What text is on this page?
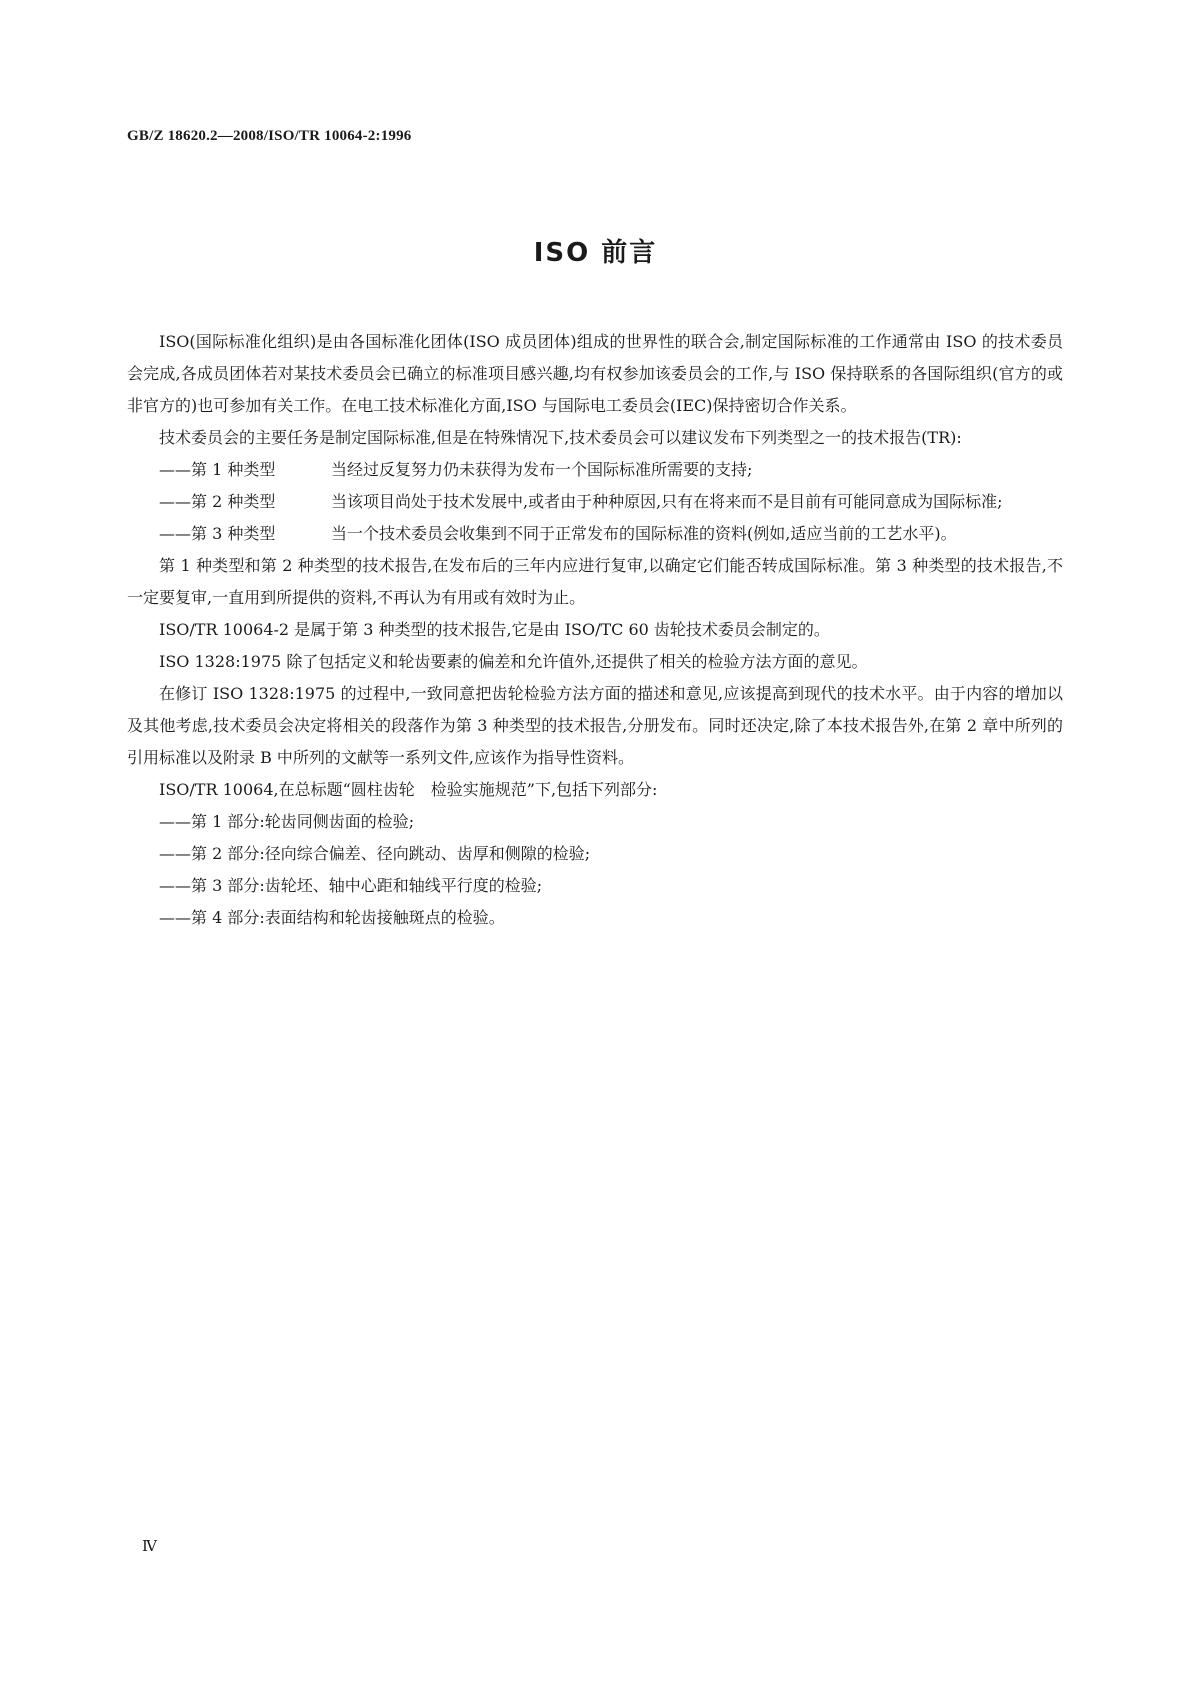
GB/Z 18620.2—2008/ISO/TR 10064-2:1996
ISO 前言

ISO(国际标准化组织)是由各国标准化团体(ISO 成员团体)组成的世界性的联合会,制定国际标准的工作通常由 ISO 的技术委员会完成,各成员团体若对某技术委员会已确立的标准项目感兴趣,均有权参加该委员会的工作,与 ISO 保持联系的各国际组织(官方的或非官方的)也可参加有关工作。在电工技术标准化方面,ISO 与国际电工委员会(IEC)保持密切合作关系。

技术委员会的主要任务是制定国际标准,但是在特殊情况下,技术委员会可以建议发布下列类型之一的技术报告(TR):

——第 1 种类型	当经过反复努力仍未获得为发布一个国际标准所需要的支持;
——第 2 种类型	当该项目尚处于技术发展中,或者由于种种原因,只有在将来而不是目前有可能同意成为国际标准;
——第 3 种类型	当一个技术委员会收集到不同于正常发布的国际标准的资料(例如,适应当前的工艺水平)。

第 1 种类型和第 2 种类型的技术报告,在发布后的三年内应进行复审,以确定它们能否转成国际标准。第 3 种类型的技术报告,不一定要复审,一直用到所提供的资料,不再认为有用或有效时为止。

ISO/TR 10064-2 是属于第 3 种类型的技术报告,它是由 ISO/TC 60 齿轮技术委员会制定的。

ISO 1328:1975 除了包括定义和轮齿要素的偏差和允许值外,还提供了相关的检验方法方面的意见。

在修订 ISO 1328:1975 的过程中,一致同意把齿轮检验方法方面的描述和意见,应该提高到现代的技术水平。由于内容的增加以及其他考虑,技术委员会决定将相关的段落作为第 3 种类型的技术报告,分册发布。同时还决定,除了本技术报告外,在第 2 章中所列的引用标准以及附录 B 中所列的文献等一系列文件,应该作为指导性资料。

ISO/TR 10064,在总标题“圆柱齿轮　检验实施规范”下,包括下列部分:

——第 1 部分:轮齿同侧齿面的检验;
——第 2 部分:径向综合偏差、径向跳动、齿厚和侧隙的检验;
——第 3 部分:齿轮坯、轴中心距和轴线平行度的检验;
——第 4 部分:表面结构和轮齿接触斑点的检验。
Ⅳ
